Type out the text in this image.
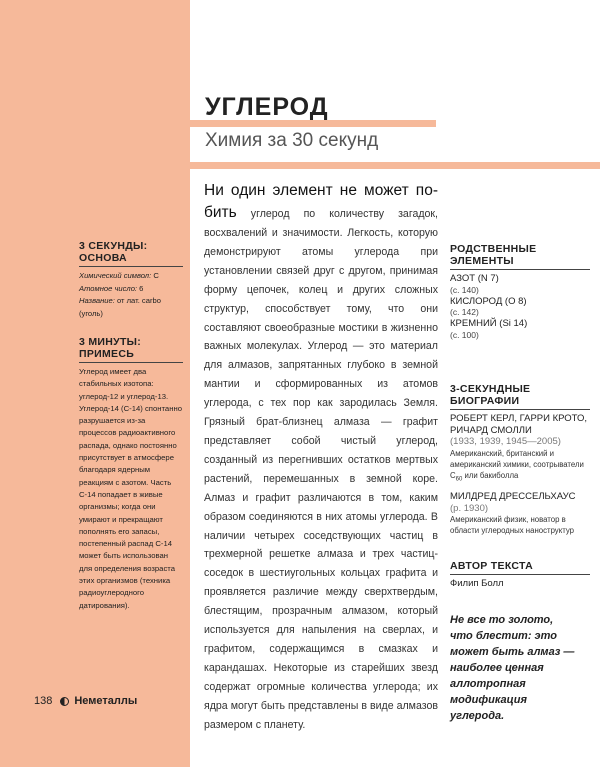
УГЛЕРОД
Химия за 30 секунд
Ни один элемент не может по- бить углерод по количеству загадок, восхвалений и значимости. Легкость, которую демонстрируют атомы углерода при установлении связей друг с другом, принимая форму цепочек, колец и других сложных структур, способствует тому, что они составляют своеобразные мостики в жизненно важных молекулах. Углерод — это материал для алмазов, запрятанных глубоко в земной мантии и сформированных из атомов углерода, с тех пор как зародилась Земля. Грязный брат-близнец алмаза — графит представляет собой чистый углерод, созданный из перегнивших остатков мертвых растений, перемешанных в земной коре. Алмаз и графит различаются в том, каким образом соединяются в них атомы углерода. В наличии четырех соседствующих частиц в трехмерной решетке алмаза и трех частиц-соседок в шестиугольных кольцах графита и проявляется различие между сверхтвердым, блестящим, прозрачным алмазом, который используется для напыления на сверлах, и графитом, содержащимся в смазках и карандашах. Некоторые из старейших звезд содержат огромные количества углерода; их ядра могут быть представлены в виде алмазов размером с планету.
3 СЕКУНДЫ:
ОСНОВА
Химический символ: C
Атомное число: 6
Название: от лат. carbo (уголь)
3 МИНУТЫ:
ПРИМЕСЬ
Углерод имеет два стабильных изотопа: углерод-12 и углерод-13. Углерод-14 (С-14) спонтанно разрушается из-за процессов радиоактивного распада, однако постоянно присутствует в атмосфере благодаря ядерным реакциям с азотом. Часть С-14 попадает в живые организмы; когда они умирают и прекращают пополнять его запасы, постепенный распад С-14 может быть использован для определения возраста этих организмов (техника радиоуглеродного датирования).
РОДСТВЕННЫЕ
ЭЛЕМЕНТЫ
АЗОТ (N 7)
(с. 140)
КИСЛОРОД (O 8)
(с. 142)
КРЕМНИЙ (Si 14)
(с. 100)
3-СЕКУНДНЫЕ БИОГРАФИИ
РОБЕРТ КЕРЛ, ГАРРИ КРОТО, РИЧАРД СМОЛЛИ
(1933, 1939, 1945—2005)
Американский, британский и американский химики, соотрыватели $C_{60}$ или бакиболла
МИЛДРЕД ДРЕССЕЛЬХАУС
(р. 1930)
Американский физик, новатор в области углеродных наноструктур
АВТОР ТЕКСТА
Филип Болл
Не все то золото, что блестит: это может быть алмаз — наиболее ценная аллотропная модификация углерода.
138 Неметаллы
